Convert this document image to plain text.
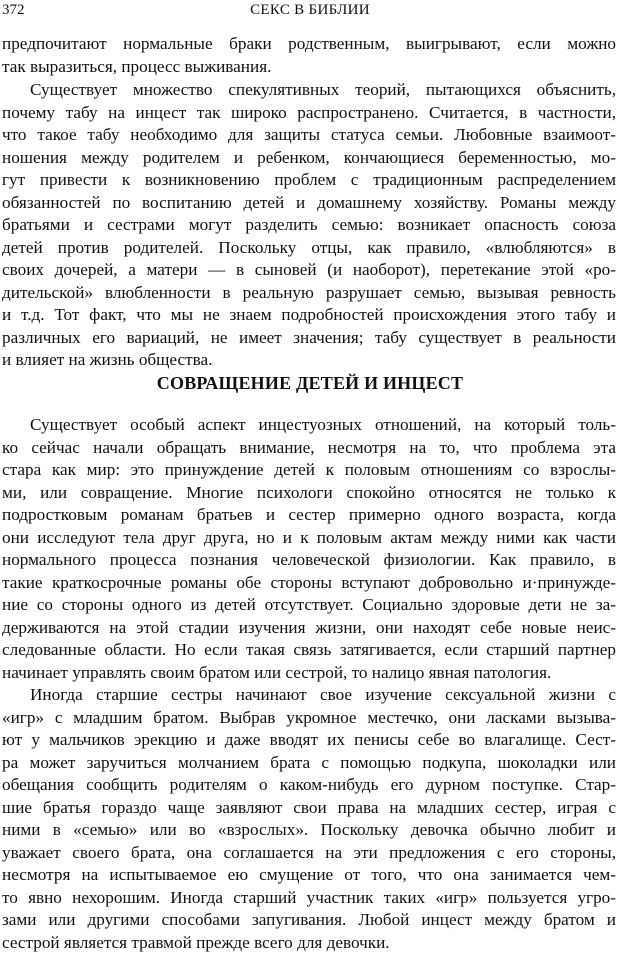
372	СЕКС В БИБЛИИ
предпочитают нормальные браки родственным, выигрывают, если можно
так выразиться, процесс выживания.
Существует множество спекулятивных теорий, пытающихся объяснить,
почему табу на инцест так широко распространено. Считается, в частности,
что такое табу необходимо для защиты статуса семьи. Любовные взаимоот-
ношения между родителем и ребенком, кончающиеся беременностью, мо-
гут привести к возникновению проблем с традиционным распределением
обязанностей по воспитанию детей и домашнему хозяйству. Романы между
братьями и сестрами могут разделить семью: возникает опасность союза
детей против родителей. Поскольку отцы, как правило, «влюбляются» в
своих дочерей, а матери — в сыновей (и наоборот), перетекание этой «ро-
дительской» влюбленности в реальную разрушает семью, вызывая ревность
и т.д. Тот факт, что мы не знаем подробностей происхождения этого табу и
различных его вариаций, не имеет значения; табу существует в реальности
и влияет на жизнь общества.
СОВРАЩЕНИЕ ДЕТЕЙ И ИНЦЕСТ
Существует особый аспект инцестуозных отношений, на который толь-
ко сейчас начали обращать внимание, несмотря на то, что проблема эта
стара как мир: это принуждение детей к половым отношениям со взрослы-
ми, или совращение. Многие психологи спокойно относятся не только к
подростковым романам братьев и сестер примерно одного возраста, когда
они исследуют тела друг друга, но и к половым актам между ними как части
нормального процесса познания человеческой физиологии. Как правило, в
такие краткосрочные романы обе стороны вступают добровольно и·принужде-
ние со стороны одного из детей отсутствует. Социально здоровые дети не за-
держиваются на этой стадии изучения жизни, они находят себе новые неис-
следованные области. Но если такая связь затягивается, если старший партнер
начинает управлять своим братом или сестрой, то налицо явная патология.
Иногда старшие сестры начинают свое изучение сексуальной жизни с
«игр» с младшим братом. Выбрав укромное местечко, они ласками вызыва-
ют у мальчиков эрекцию и даже вводят их пенисы себе во влагалище. Сест-
ра может заручиться молчанием брата с помощью подкупа, шоколадки или
обещания сообщить родителям о каком-нибудь его дурном поступке. Стар-
шие братья гораздо чаще заявляют свои права на младших сестер, играя с
ними в «семью» или во «взрослых». Поскольку девочка обычно любит и
уважает своего брата, она соглашается на эти предложения с его стороны,
несмотря на испытываемое ею смущение от того, что она занимается чем-
то явно нехорошим. Иногда старший участник таких «игр» пользуется угро-
зами или другими способами запугивания. Любой инцест между братом и
сестрой является травмой прежде всего для девочки.
